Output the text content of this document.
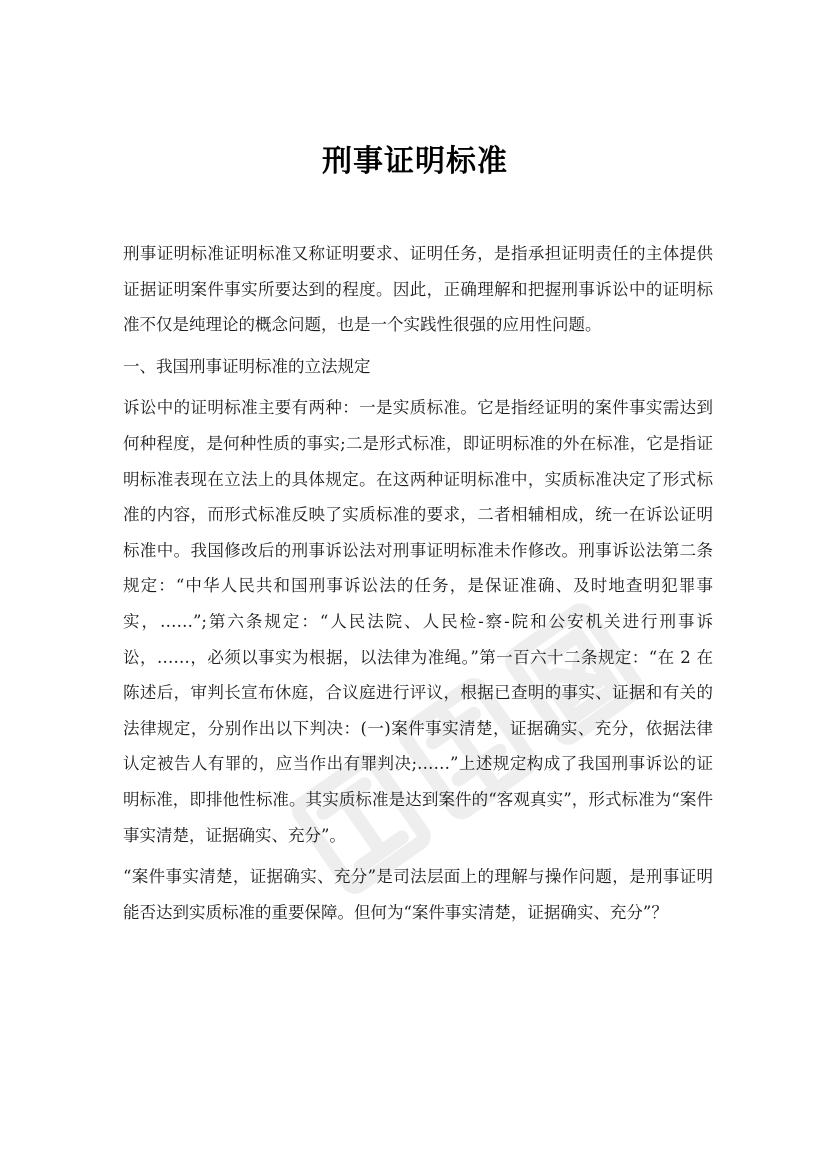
刑事证明标准

刑事证明标准证明标准又称证明要求、证明任务，是指承担证明责任的主体提供证据证明案件事实所要达到的程度。因此，正确理解和把握刑事诉讼中的证明标准不仅是纯理论的概念问题，也是一个实践性很强的应用性问题。

一、我国刑事证明标准的立法规定

诉讼中的证明标准主要有两种：一是实质标准。它是指经证明的案件事实需达到何种程度，是何种性质的事实;二是形式标准，即证明标准的外在标准，它是指证明标准表现在立法上的具体规定。在这两种证明标准中，实质标准决定了形式标准的内容，而形式标准反映了实质标准的要求，二者相辅相成，统一在诉讼证明标准中。我国修改后的刑事诉讼法对刑事证明标准未作修改。刑事诉讼法第二条规定：“中华人民共和国刑事诉讼法的任务，是保证准确、及时地查明犯罪事实，……”;第六条规定：“人民法院、人民检-察-院和公安机关进行刑事诉讼，……，必须以事实为根据，以法律为准绳。”第一百六十二条规定：“在 2 在陈述后，审判长宣布休庭，合议庭进行评议，根据已查明的事实、证据和有关的法律规定，分别作出以下判决：(一)案件事实清楚，证据确实、充分，依据法律认定被告人有罪的，应当作出有罪判决;……”上述规定构成了我国刑事诉讼的证明标准，即排他性标准。其实质标准是达到案件的“客观真实”，形式标准为“案件事实清楚，证据确实、充分”。

“案件事实清楚，证据确实、充分”是司法层面上的理解与操作问题，是刑事证明能否达到实质标准的重要保障。但何为“案件事实清楚，证据确实、充分”？
